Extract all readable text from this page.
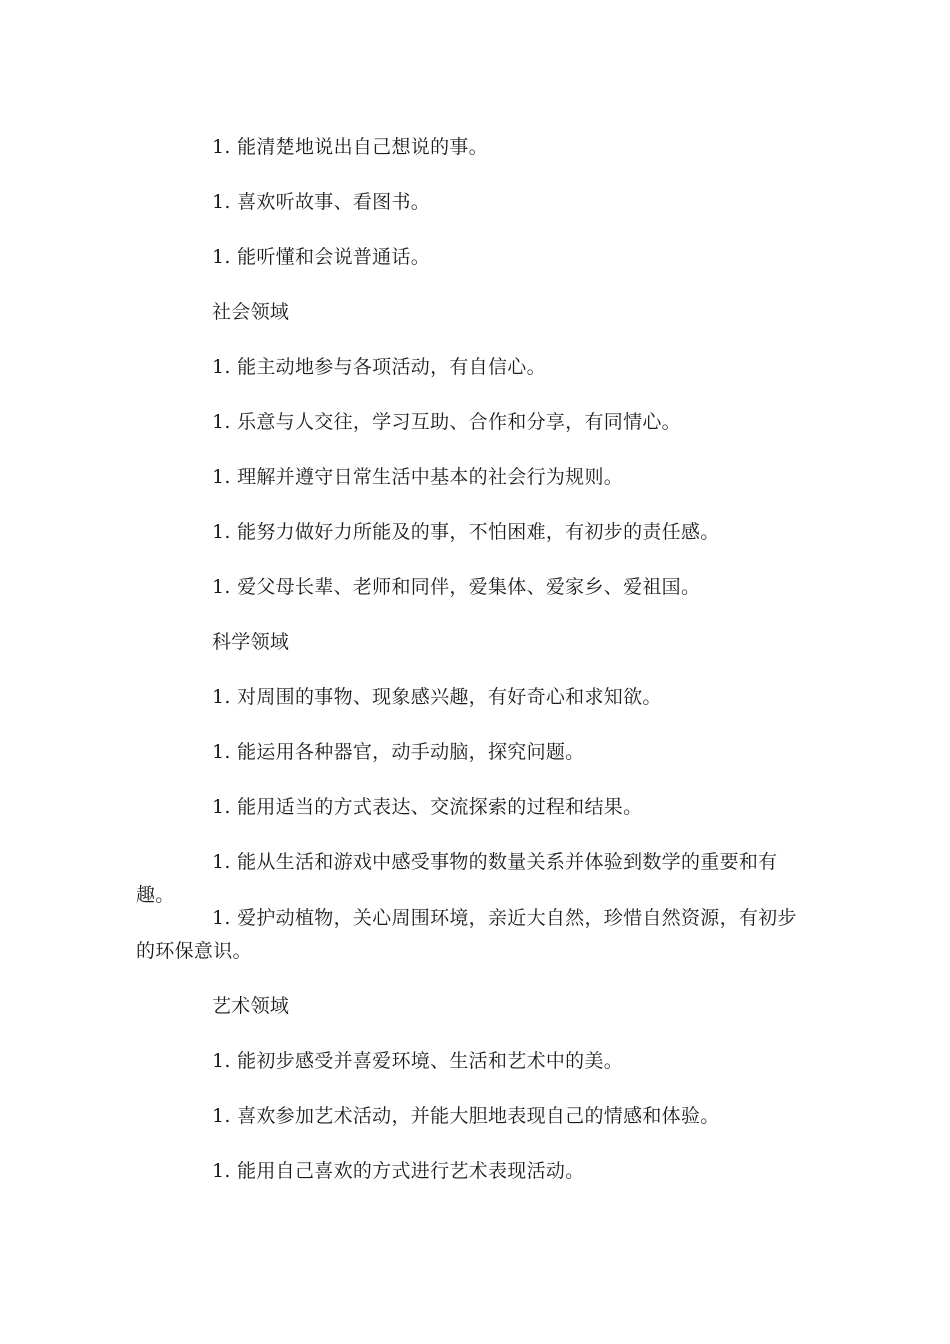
1. 能清楚地说出自己想说的事。

1. 喜欢听故事、看图书。

1. 能听懂和会说普通话。

社会领域

1. 能主动地参与各项活动，有自信心。

1. 乐意与人交往，学习互助、合作和分享，有同情心。

1. 理解并遵守日常生活中基本的社会行为规则。

1. 能努力做好力所能及的事，不怕困难，有初步的责任感。

1. 爱父母长辈、老师和同伴，爱集体、爱家乡、爱祖国。

科学领域

1. 对周围的事物、现象感兴趣，有好奇心和求知欲。

1. 能运用各种器官，动手动脑，探究问题。

1. 能用适当的方式表达、交流探索的过程和结果。

1. 能从生活和游戏中感受事物的数量关系并体验到数学的重要和有趣。

1. 爱护动植物，关心周围环境，亲近大自然，珍惜自然资源，有初步的环保意识。

艺术领域

1. 能初步感受并喜爱环境、生活和艺术中的美。

1. 喜欢参加艺术活动，并能大胆地表现自己的情感和体验。

1. 能用自己喜欢的方式进行艺术表现活动。
